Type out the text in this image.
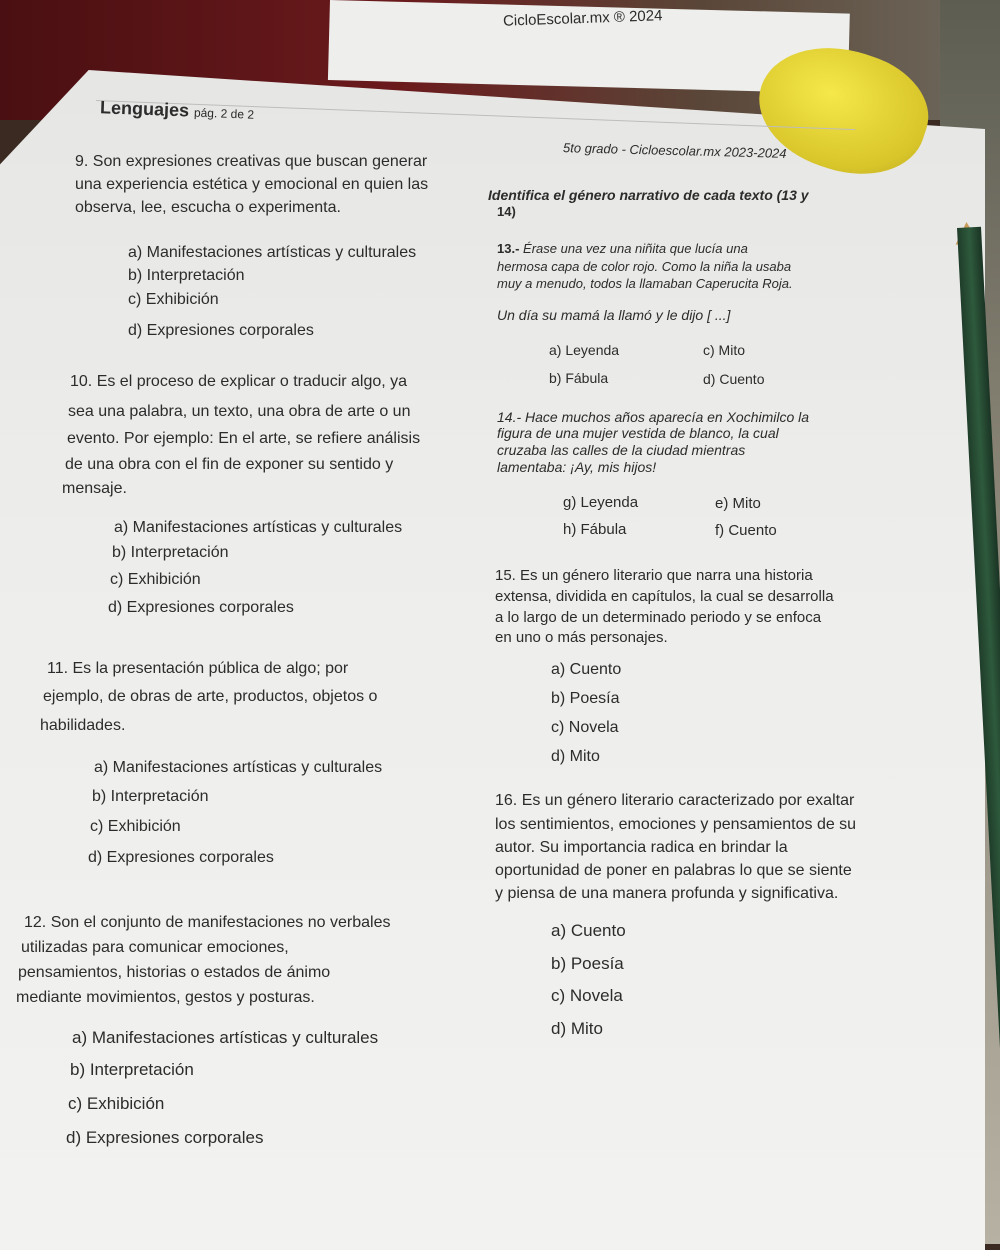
CicloEscolar.mx ® 2024
Lenguajes pág. 2 de 2
5to grado - Cicloescolar.mx 2023-2024
9. Son expresiones creativas que buscan generar
una experiencia estética y emocional en quien las
observa, lee, escucha o experimenta.
a) Manifestaciones artísticas y culturales
b) Interpretación
c) Exhibición
d) Expresiones corporales
10. Es el proceso de explicar o traducir algo, ya
sea una palabra, un texto, una obra de arte o un
evento. Por ejemplo: En el arte, se refiere análisis
de una obra con el fin de exponer su sentido y
mensaje.
a) Manifestaciones artísticas y culturales
b) Interpretación
c) Exhibición
d) Expresiones corporales
11. Es la presentación pública de algo; por
ejemplo, de obras de arte, productos, objetos o
habilidades.
a) Manifestaciones artísticas y culturales
b) Interpretación
c) Exhibición
d) Expresiones corporales
12. Son el conjunto de manifestaciones no verbales
utilizadas para comunicar emociones,
pensamientos, historias o estados de ánimo
mediante movimientos, gestos y posturas.
a) Manifestaciones artísticas y culturales
b) Interpretación
c) Exhibición
d) Expresiones corporales
Identifica el género narrativo de cada texto (13 y
14)
13.- Érase una vez una niñita que lucía una
hermosa capa de color rojo. Como la niña la usaba
muy a menudo, todos la llamaban Caperucita Roja.
Un día su mamá la llamó y le dijo [ ...]
a) Leyenda	c) Mito
b) Fábula	d) Cuento
14.- Hace muchos años aparecía en Xochimilco la
figura de una mujer vestida de blanco, la cual
cruzaba las calles de la ciudad mientras
lamentaba: ¡Ay, mis hijos!
g) Leyenda	e) Mito
h) Fábula	f) Cuento
15. Es un género literario que narra una historia
extensa, dividida en capítulos, la cual se desarrolla
a lo largo de un determinado periodo y se enfoca
en uno o más personajes.
a) Cuento
b) Poesía
c) Novela
d) Mito
16. Es un género literario caracterizado por exaltar
los sentimientos, emociones y pensamientos de su
autor. Su importancia radica en brindar la
oportunidad de poner en palabras lo que se siente
y piensa de una manera profunda y significativa.
a) Cuento
b) Poesía
c) Novela
d) Mito
